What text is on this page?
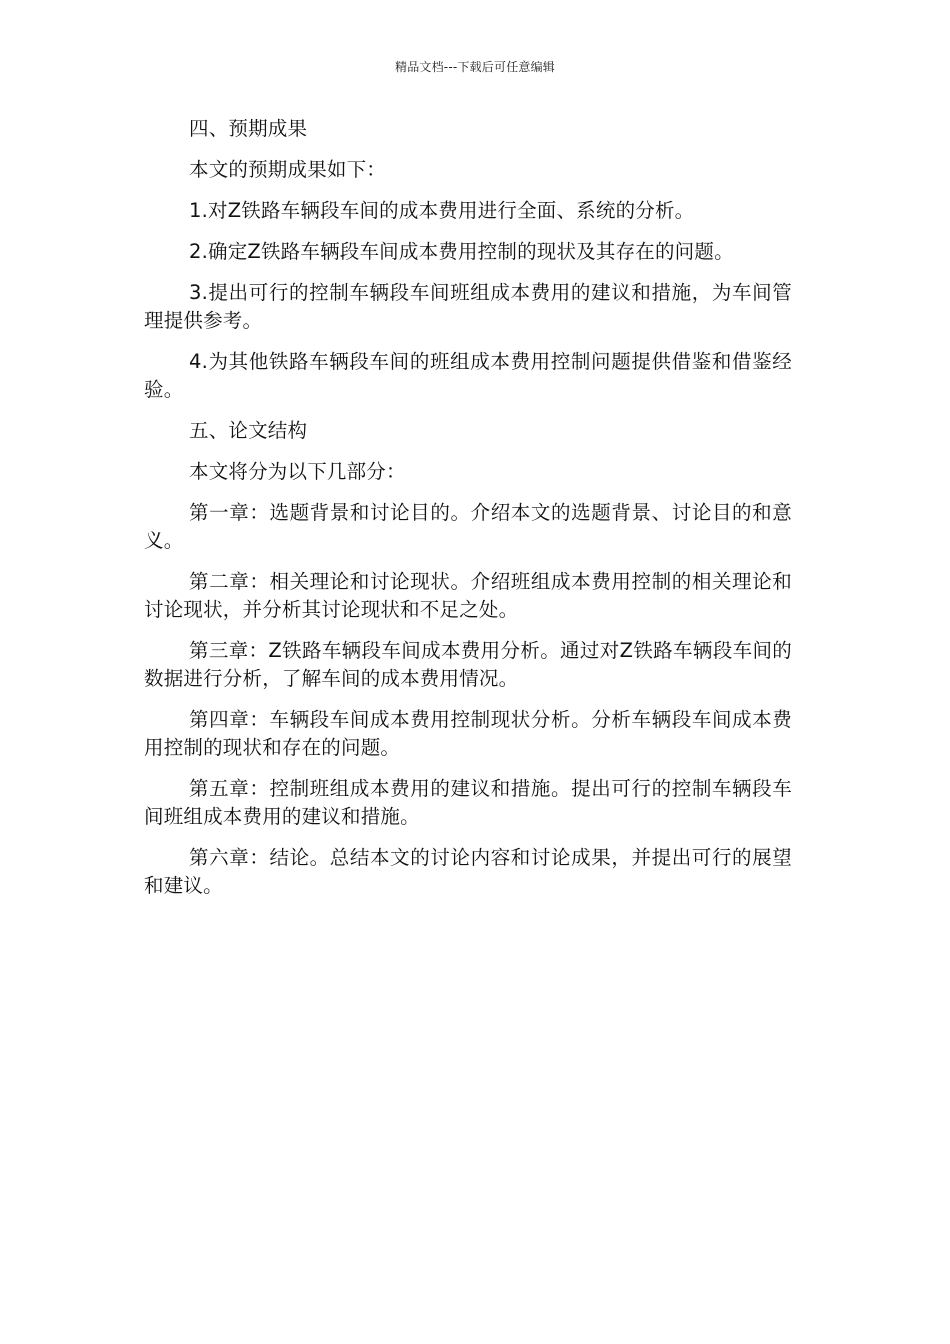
精品文档---下载后可任意编辑

四、预期成果

本文的预期成果如下：

1.对Z铁路车辆段车间的成本费用进行全面、系统的分析。

2.确定Z铁路车辆段车间成本费用控制的现状及其存在的问题。

3.提出可行的控制车辆段车间班组成本费用的建议和措施，为车间管理提供参考。

4.为其他铁路车辆段车间的班组成本费用控制问题提供借鉴和借鉴经验。

五、论文结构

本文将分为以下几部分：

第一章：选题背景和讨论目的。介绍本文的选题背景、讨论目的和意义。

第二章：相关理论和讨论现状。介绍班组成本费用控制的相关理论和讨论现状，并分析其讨论现状和不足之处。

第三章：Z铁路车辆段车间成本费用分析。通过对Z铁路车辆段车间的数据进行分析，了解车间的成本费用情况。

第四章：车辆段车间成本费用控制现状分析。分析车辆段车间成本费用控制的现状和存在的问题。

第五章：控制班组成本费用的建议和措施。提出可行的控制车辆段车间班组成本费用的建议和措施。

第六章：结论。总结本文的讨论内容和讨论成果，并提出可行的展望和建议。
